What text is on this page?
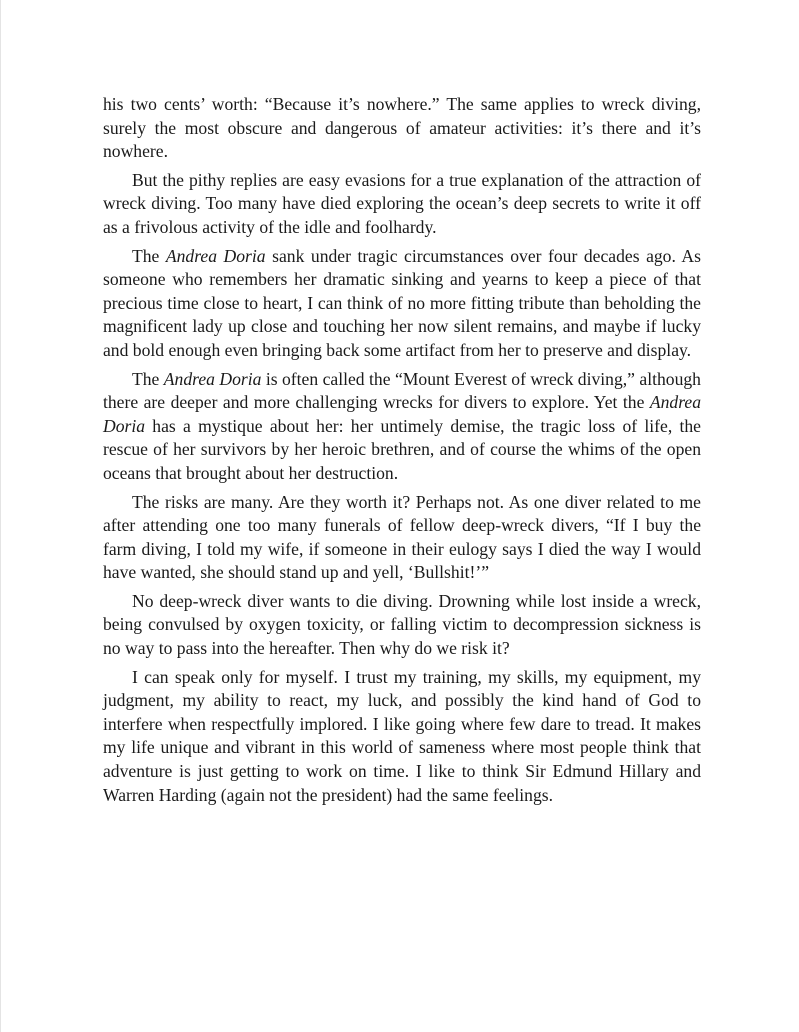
his two cents’ worth: “Because it’s nowhere.” The same applies to wreck diving, surely the most obscure and dangerous of amateur activities: it’s there and it’s nowhere.

But the pithy replies are easy evasions for a true explanation of the attraction of wreck diving. Too many have died exploring the ocean’s deep secrets to write it off as a frivolous activity of the idle and foolhardy.

The Andrea Doria sank under tragic circumstances over four decades ago. As someone who remembers her dramatic sinking and yearns to keep a piece of that precious time close to heart, I can think of no more fitting tribute than beholding the magnificent lady up close and touching her now silent remains, and maybe if lucky and bold enough even bringing back some artifact from her to preserve and display.

The Andrea Doria is often called the “Mount Everest of wreck diving,” although there are deeper and more challenging wrecks for divers to explore. Yet the Andrea Doria has a mystique about her: her untimely demise, the tragic loss of life, the rescue of her survivors by her heroic brethren, and of course the whims of the open oceans that brought about her destruction.

The risks are many. Are they worth it? Perhaps not. As one diver related to me after attending one too many funerals of fellow deep-wreck divers, “If I buy the farm diving, I told my wife, if someone in their eulogy says I died the way I would have wanted, she should stand up and yell, ‘Bullshit!’”

No deep-wreck diver wants to die diving. Drowning while lost inside a wreck, being convulsed by oxygen toxicity, or falling victim to decompression sickness is no way to pass into the hereafter. Then why do we risk it?

I can speak only for myself. I trust my training, my skills, my equipment, my judgment, my ability to react, my luck, and possibly the kind hand of God to interfere when respectfully implored. I like going where few dare to tread. It makes my life unique and vibrant in this world of sameness where most people think that adventure is just getting to work on time. I like to think Sir Edmund Hillary and Warren Harding (again not the president) had the same feelings.
